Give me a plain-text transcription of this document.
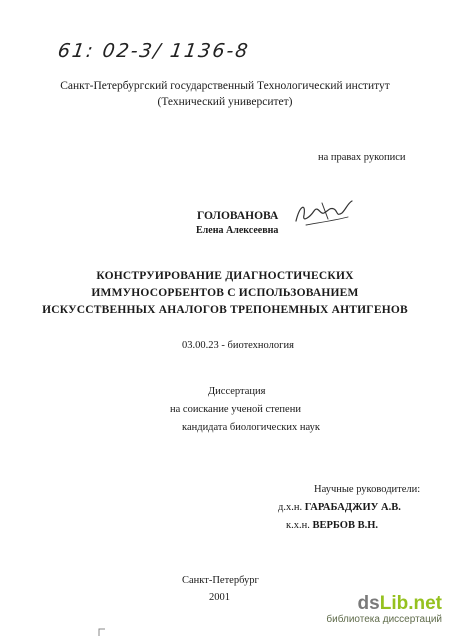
61: 02-3/ 1136-8
Санкт-Петербургский государственный Технологический институт
(Технический университет)
на правах рукописи
ГОЛОВАНОВА
Елена Алексеевна
КОНСТРУИРОВАНИЕ ДИАГНОСТИЧЕСКИХ
ИММУНОСОРБЕНТОВ С ИСПОЛЬЗОВАНИЕМ
ИСКУССТВЕННЫХ АНАЛОГОВ ТРЕПОНЕМНЫХ АНТИГЕНОВ
03.00.23 - биотехнология
Диссертация
на соискание ученой степени
кандидата биологических наук
Научные руководители:
д.х.н. ГАРАБАДЖИУ А.В.
к.х.н. ВЕРБОВ В.Н.
Санкт-Петербург
2001	dsLib.net
библиотека диссертаций
